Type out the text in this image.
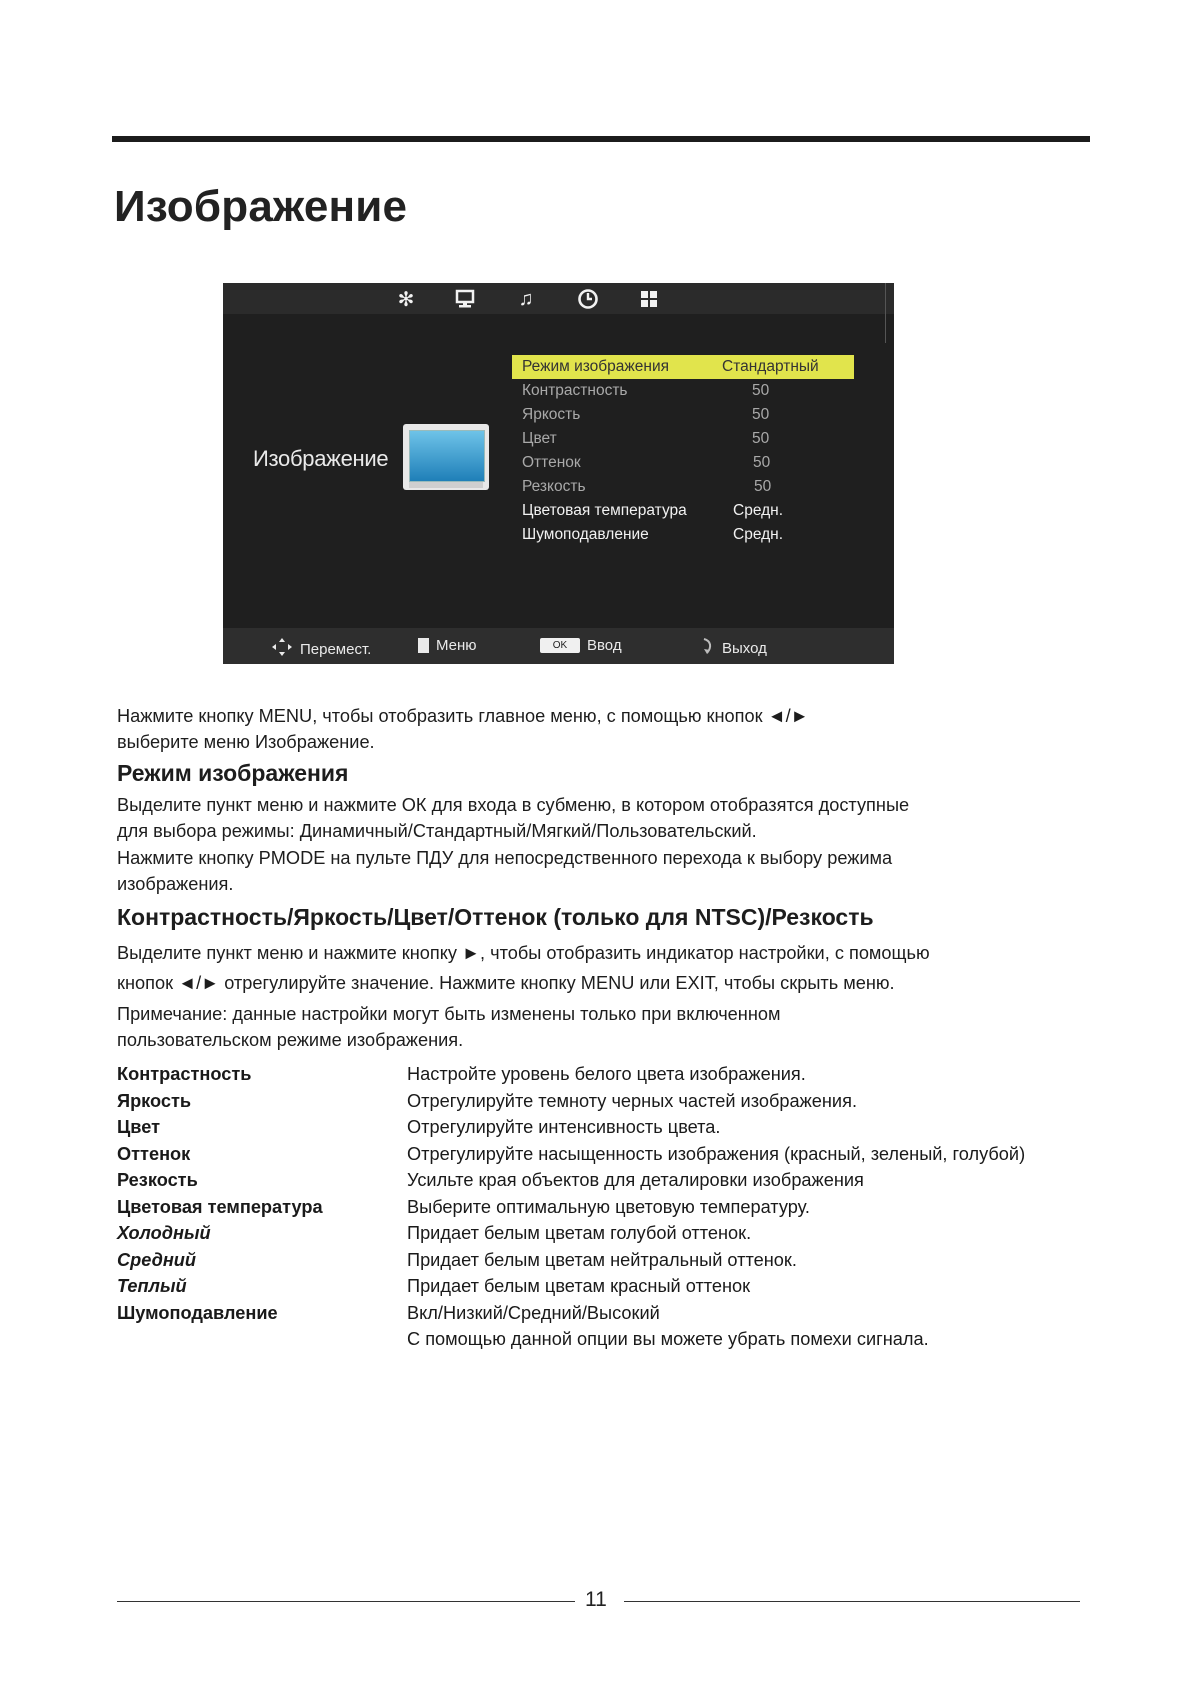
Изображение
✻	♫
Изображение
Режим изображения	Стандартный
Контрастность	50
Яркость	50
Цвет	50
Оттенок	50
Резкость	50
Цветовая температура	Средн.
Шумоподавление	Средн.
Перемест.	Меню	OK	Ввод	Выход
Нажмите кнопку MENU, чтобы отобразить главное меню, с помощью кнопок ◄/►
выберите меню Изображение.
Режим изображения
Выделите пункт меню и нажмите ОК для входа в субменю, в котором отобразятся доступные
для выбора режимы: Динамичный/Стандартный/Мягкий/Пользовательский.
Нажмите кнопку PMODE на пульте ПДУ для непосредственного перехода к выбору режима
изображения.
Контрастность/Яркость/Цвет/Оттенок (только для NTSC)/Резкость
Выделите пункт меню и нажмите кнопку ►, чтобы отобразить индикатор настройки, с помощью
кнопок ◄/► отрегулируйте значение. Нажмите кнопку MENU или EXIT, чтобы скрыть меню.
Примечание: данные настройки могут быть изменены только при включенном
пользовательском режиме изображения.
Контрастность	Настройте уровень белого цвета изображения.
Яркость	Отрегулируйте темноту черных частей изображения.
Цвет	Отрегулируйте интенсивность цвета.
Оттенок	Отрегулируйте насыщенность изображения (красный, зеленый, голубой)
Резкость	Усильте края объектов для деталировки изображения
Цветовая температура	Выберите оптимальную цветовую температуру.
Холодный	Придает белым цветам голубой оттенок.
Средний	Придает белым цветам нейтральный оттенок.
Теплый	Придает белым цветам красный оттенок
Шумоподавление	Вкл/Низкий/Средний/Высокий
С помощью данной опции вы можете убрать помехи сигнала.
11
